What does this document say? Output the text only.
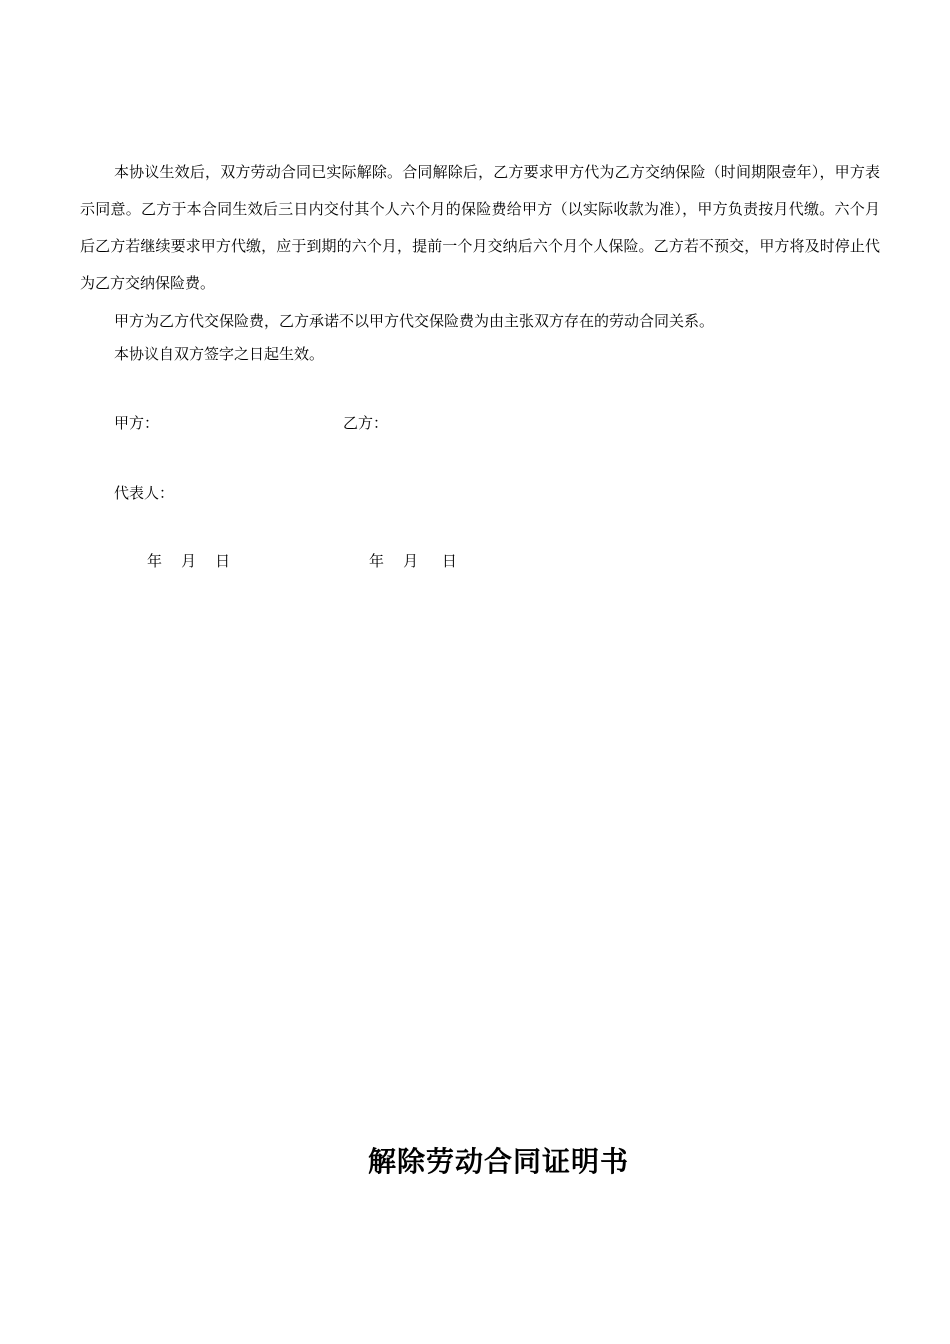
本协议生效后，双方劳动合同已实际解除。合同解除后，乙方要求甲方代为乙方交纳保险（时间期限壹年），甲方表示同意。乙方于本合同生效后三日内交付其个人六个月的保险费给甲方（以实际收款为准），甲方负责按月代缴。六个月后乙方若继续要求甲方代缴，应于到期的六个月，提前一个月交纳后六个月个人保险。乙方若不预交，甲方将及时停止代为乙方交纳保险费。
甲方为乙方代交保险费，乙方承诺不以甲方代交保险费为由主张双方存在的劳动合同关系。
本协议自双方签字之日起生效。
甲方：	乙方：
代表人：
年    月    日	年    月     日
解除劳动合同证明书
